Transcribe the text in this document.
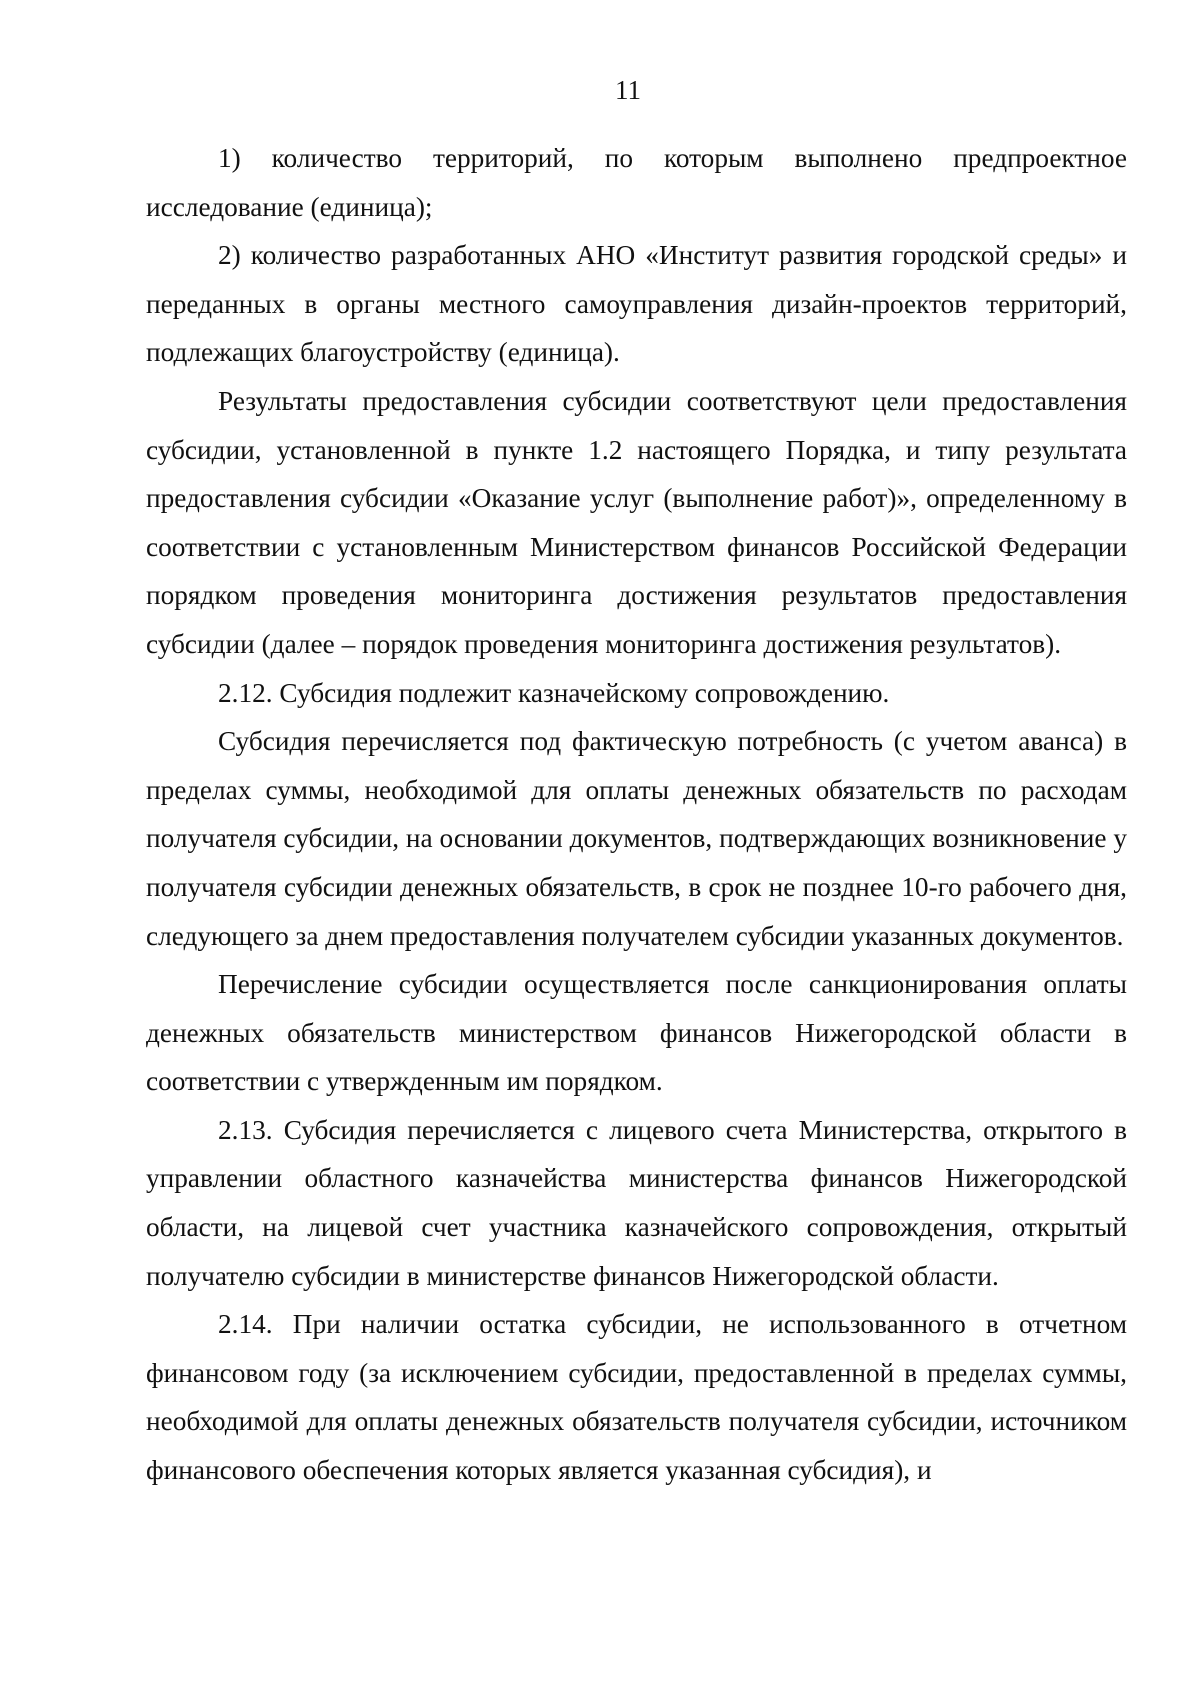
11

1) количество территорий, по которым выполнено предпроектное исследование (единица);

2) количество разработанных АНО «Институт развития городской среды» и переданных в органы местного самоуправления дизайн-проектов территорий, подлежащих благоустройству (единица).

Результаты предоставления субсидии соответствуют цели предоставления субсидии, установленной в пункте 1.2 настоящего Порядка, и типу результата предоставления субсидии «Оказание услуг (выполнение работ)», определенному в соответствии с установленным Министерством финансов Российской Федерации порядком проведения мониторинга достижения результатов предоставления субсидии (далее – порядок проведения мониторинга достижения результатов).

2.12. Субсидия подлежит казначейскому сопровождению.

Субсидия перечисляется под фактическую потребность (с учетом аванса) в пределах суммы, необходимой для оплаты денежных обязательств по расходам получателя субсидии, на основании документов, подтверждающих возникновение у получателя субсидии денежных обязательств, в срок не позднее 10-го рабочего дня, следующего за днем предоставления получателем субсидии указанных документов.

Перечисление субсидии осуществляется после санкционирования оплаты денежных обязательств министерством финансов Нижегородской области в соответствии с утвержденным им порядком.

2.13. Субсидия перечисляется с лицевого счета Министерства, открытого в управлении областного казначейства министерства финансов Нижегородской области, на лицевой счет участника казначейского сопровождения, открытый получателю субсидии в министерстве финансов Нижегородской области.

2.14. При наличии остатка субсидии, не использованного в отчетном финансовом году (за исключением субсидии, предоставленной в пределах суммы, необходимой для оплаты денежных обязательств получателя субсидии, источником финансового обеспечения которых является указанная субсидия), и
